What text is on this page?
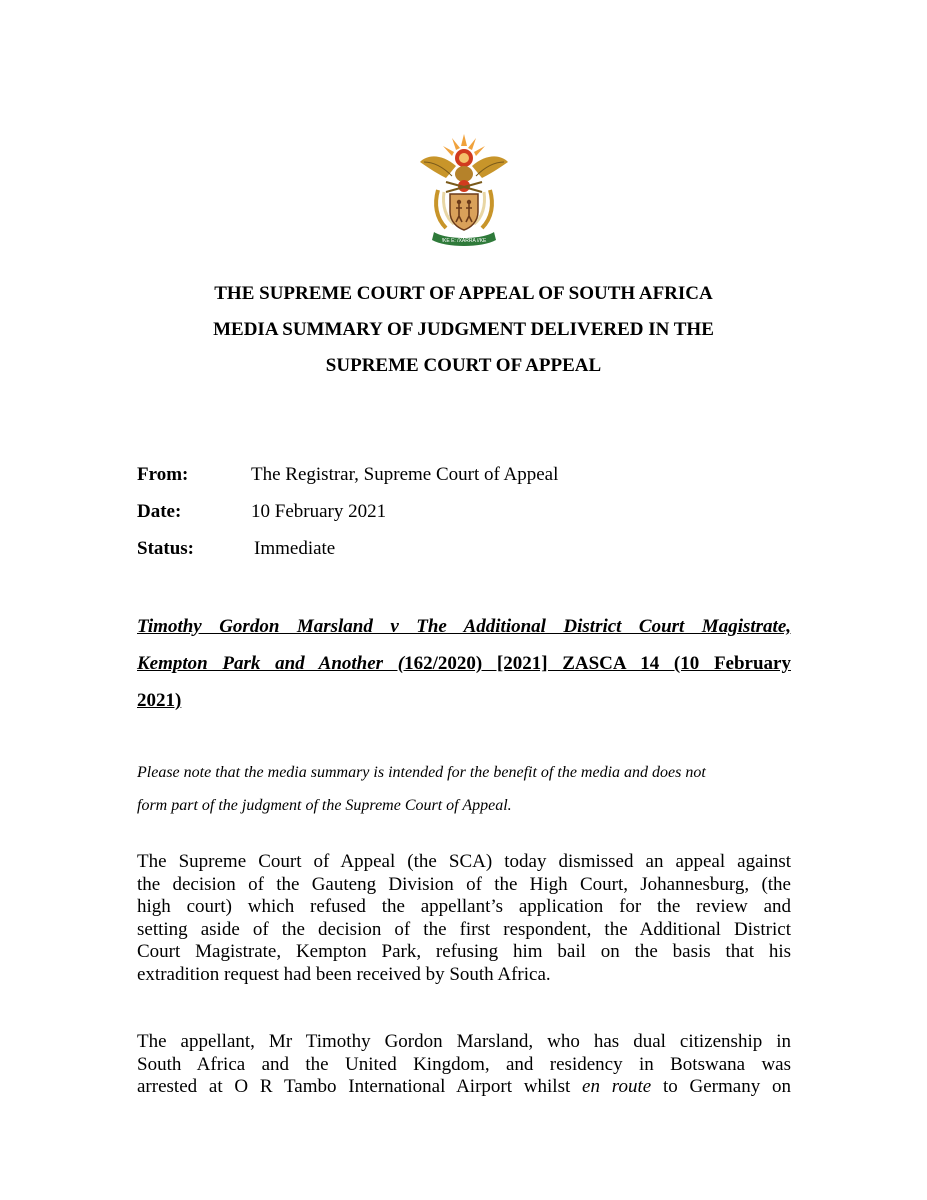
!KE E: /XARRA //KE
THE SUPREME COURT OF APPEAL OF SOUTH AFRICA
MEDIA SUMMARY OF JUDGMENT DELIVERED IN THE
SUPREME COURT OF APPEAL
From:	The Registrar, Supreme Court of Appeal
Date:	10 February 2021
Status:	Immediate
Timothy Gordon Marsland v The Additional District Court Magistrate,
Kempton Park and Another (162/2020) [2021] ZASCA 14 (10 February
2021)
Please note that the media summary is intended for the benefit of the media and does not
form part of the judgment of the Supreme Court of Appeal.
The Supreme Court of Appeal (the SCA) today dismissed an appeal against
the decision of the Gauteng Division of the High Court, Johannesburg, (the
high court) which refused the appellant’s application for the review and
setting aside of the decision of the first respondent, the Additional District
Court Magistrate, Kempton Park, refusing him bail on the basis that his
extradition request had been received by South Africa.
The appellant, Mr Timothy Gordon Marsland, who has dual citizenship in
South Africa and the United Kingdom, and residency in Botswana was
arrested at O R Tambo International Airport whilst en route to Germany on
